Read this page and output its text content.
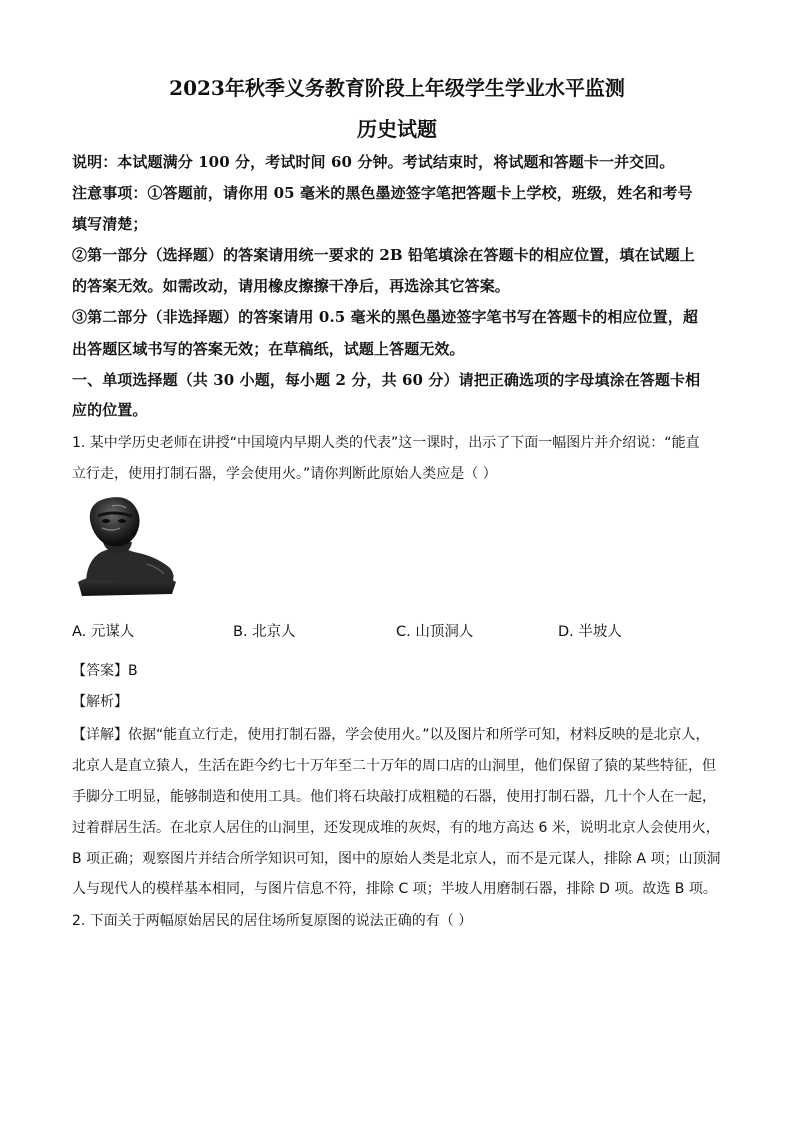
2023年秋季义务教育阶段上年级学生学业水平监测
历史试题
说明：本试题满分 100 分，考试时间 60 分钟。考试结束时，将试题和答题卡一并交回。
注意事项：①答题前，请你用 05 毫米的黑色墨迹签字笔把答题卡上学校，班级，姓名和考号
填写清楚；
②第一部分（选择题）的答案请用统一要求的 2B 铅笔填涂在答题卡的相应位置，填在试题上
的答案无效。如需改动，请用橡皮擦擦干净后，再选涂其它答案。
③第二部分（非选择题）的答案请用 0.5 毫米的黑色墨迹签字笔书写在答题卡的相应位置，超
出答题区域书写的答案无效；在草稿纸，试题上答题无效。
一、单项选择题（共 30 小题，每小题 2 分，共 60 分）请把正确选项的字母填涂在答题卡相
应的位置。
1. 某中学历史老师在讲授“中国境内早期人类的代表”这一课时，出示了下面一幅图片并介绍说：“能直
立行走，使用打制石器，学会使用火。”请你判断此原始人类应是（ ）
A. 元谋人	B. 北京人	C. 山顶洞人	D. 半坡人
【答案】B
【解析】
【详解】依据“能直立行走，使用打制石器，学会使用火。”以及图片和所学可知，材料反映的是北京人，
北京人是直立猿人，生活在距今约七十万年至二十万年的周口店的山洞里，他们保留了猿的某些特征，但
手脚分工明显，能够制造和使用工具。他们将石块敲打成粗糙的石器，使用打制石器，几十个人在一起，
过着群居生活。在北京人居住的山洞里，还发现成堆的灰烬，有的地方高达 6 米，说明北京人会使用火，
B 项正确；观察图片并结合所学知识可知，图中的原始人类是北京人，而不是元谋人，排除 A 项；山顶洞
人与现代人的模样基本相同，与图片信息不符，排除 C 项；半坡人用磨制石器，排除 D 项。故选 B 项。
2. 下面关于两幅原始居民的居住场所复原图的说法正确的有（ ）
